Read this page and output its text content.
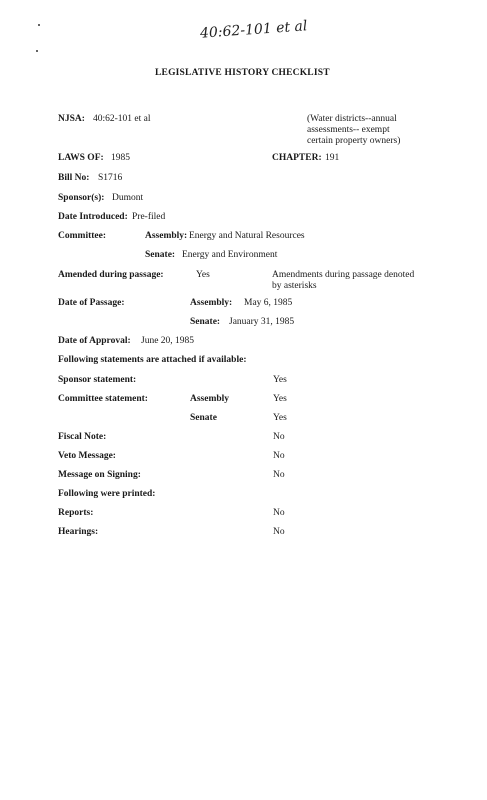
40:62-101 et al
LEGISLATIVE HISTORY CHECKLIST
NJSA: 40:62-101 et al	(Water districts--annual
assessments-- exempt
certain property owners)
LAWS OF: 1985	CHAPTER: 191
Bill No: S1716
Sponsor(s): Dumont
Date Introduced: Pre-filed
Committee:	Assembly: Energy and Natural Resources
Senate: Energy and Environment
Amended during passage:	Yes	Amendments during passage denoted
by asterisks
Date of Passage:	Assembly: May 6, 1985
Senate: January 31, 1985
Date of Approval: June 20, 1985
Following statements are attached if available:
Sponsor statement:	Yes
Committee statement:	Assembly	Yes
Senate	Yes
Fiscal Note:	No
Veto Message:	No
Message on Signing:	No
Following were printed:
Reports:	No
Hearings:	No
